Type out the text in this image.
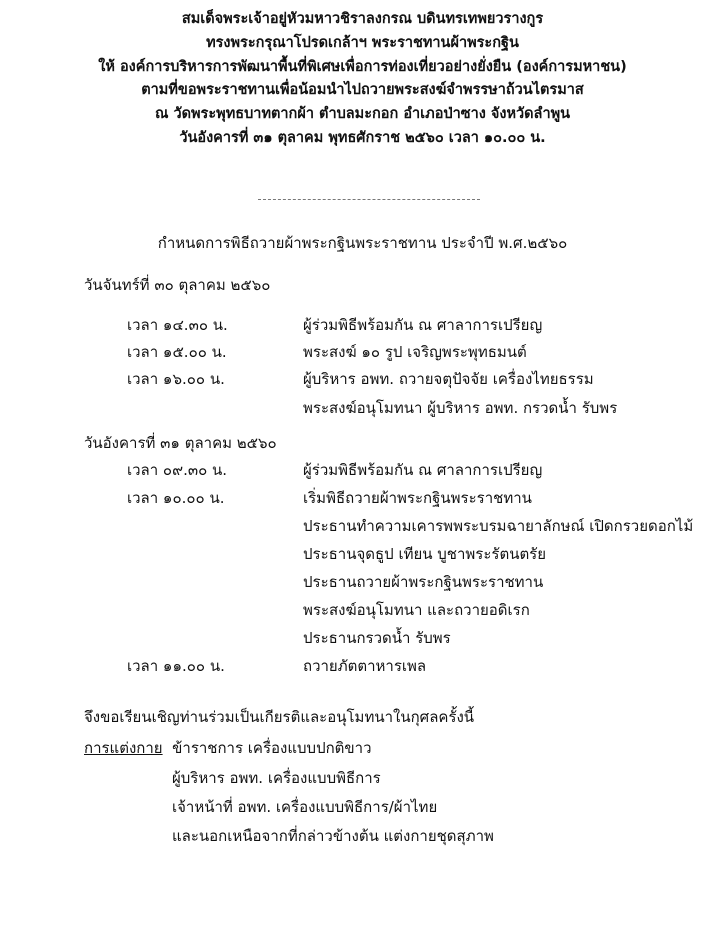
สมเด็จพระเจ้าอยู่หัวมหาวชิราลงกรณ บดินทรเทพยวรางกูร
ทรงพระกรุณาโปรดเกล้าฯ พระราชทานผ้าพระกฐิน
ให้ องค์การบริหารการพัฒนาพื้นที่พิเศษเพื่อการท่องเที่ยวอย่างยั่งยืน (องค์การมหาชน)
ตามที่ขอพระราชทานเพื่อน้อมนำไปถวายพระสงฆ์จำพรรษาถ้วนไตรมาส
ณ วัดพระพุทธบาทตากผ้า ตำบลมะกอก อำเภอป่าซาง จังหวัดลำพูน
วันอังคารที่ ๓๑ ตุลาคม พุทธศักราช ๒๕๖๐ เวลา ๑๐.๐๐ น.
กำหนดการพิธีถวายผ้าพระกฐินพระราชทาน ประจำปี พ.ศ.๒๕๖๐
วันจันทร์ที่ ๓๐ ตุลาคม ๒๕๖๐
เวลา ๑๔.๓๐ น.	ผู้ร่วมพิธีพร้อมกัน ณ ศาลาการเปรียญ
เวลา ๑๕.๐๐ น.	พระสงฆ์ ๑๐ รูป เจริญพระพุทธมนต์
เวลา ๑๖.๐๐ น.	ผู้บริหาร อพท. ถวายจตุปัจจัย เครื่องไทยธรรม
พระสงฆ์อนุโมทนา ผู้บริหาร อพท. กรวดน้ำ รับพร
วันอังคารที่ ๓๑ ตุลาคม ๒๕๖๐
เวลา ๐๙.๓๐ น.	ผู้ร่วมพิธีพร้อมกัน ณ ศาลาการเปรียญ
เวลา ๑๐.๐๐ น.	เริ่มพิธีถวายผ้าพระกฐินพระราชทาน
ประธานทำความเคารพพระบรมฉายาลักษณ์ เปิดกรวยดอกไม้
ประธานจุดธูป เทียน บูชาพระรัตนตรัย
ประธานถวายผ้าพระกฐินพระราชทาน
พระสงฆ์อนุโมทนา และถวายอดิเรก
ประธานกรวดน้ำ รับพร
เวลา ๑๑.๐๐ น.	ถวายภัตตาหารเพล
จึงขอเรียนเชิญท่านร่วมเป็นเกียรติและอนุโมทนาในกุศลครั้งนี้
การแต่งกาย ข้าราชการ เครื่องแบบปกติขาว
ผู้บริหาร อพท. เครื่องแบบพิธีการ
เจ้าหน้าที่ อพท. เครื่องแบบพิธีการ/ผ้าไทย
และนอกเหนือจากที่กล่าวข้างต้น แต่งกายชุดสุภาพ
